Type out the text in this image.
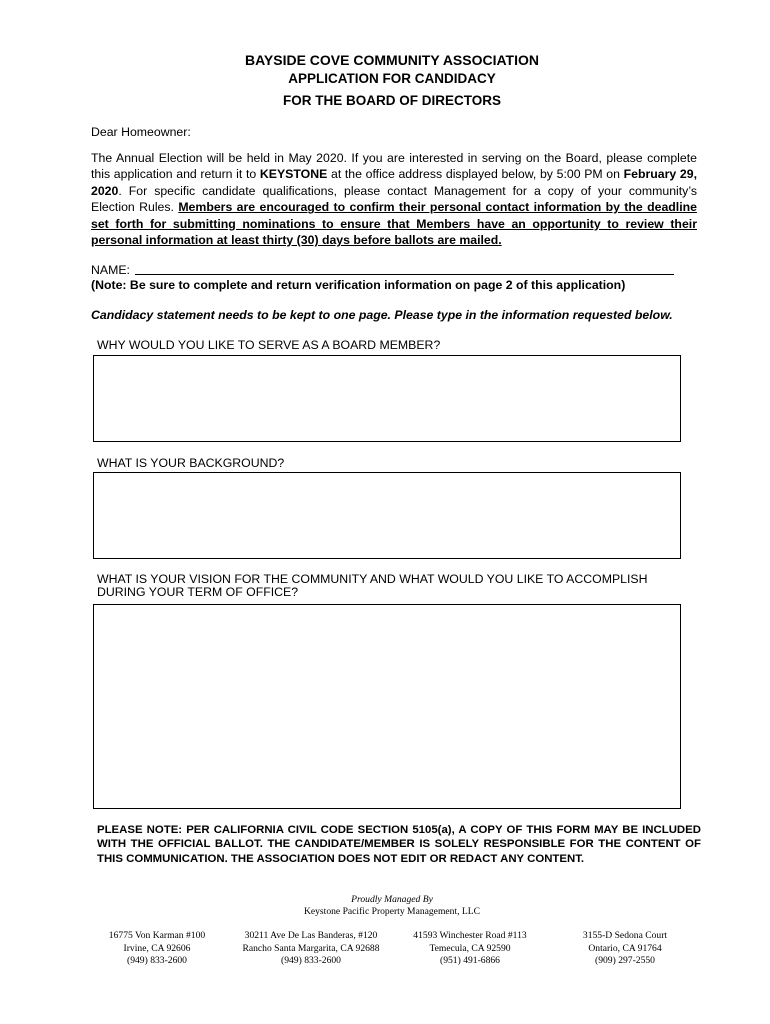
BAYSIDE COVE COMMUNITY ASSOCIATION
APPLICATION FOR CANDIDACY
FOR THE BOARD OF DIRECTORS
Dear Homeowner:
The Annual Election will be held in May 2020. If you are interested in serving on the Board, please complete this application and return it to KEYSTONE at the office address displayed below, by 5:00 PM on February 29, 2020. For specific candidate qualifications, please contact Management for a copy of your community’s Election Rules. Members are encouraged to confirm their personal contact information by the deadline set forth for submitting nominations to ensure that Members have an opportunity to review their personal information at least thirty (30) days before ballots are mailed.
NAME:
(Note: Be sure to complete and return verification information on page 2 of this application)
Candidacy statement needs to be kept to one page. Please type in the information requested below.
WHY WOULD YOU LIKE TO SERVE AS A BOARD MEMBER?
WHAT IS YOUR BACKGROUND?
WHAT IS YOUR VISION FOR THE COMMUNITY AND WHAT WOULD YOU LIKE TO ACCOMPLISH DURING YOUR TERM OF OFFICE?
PLEASE NOTE: PER CALIFORNIA CIVIL CODE SECTION 5105(a), A COPY OF THIS FORM MAY BE INCLUDED WITH THE OFFICIAL BALLOT. THE CANDIDATE/MEMBER IS SOLELY RESPONSIBLE FOR THE CONTENT OF THIS COMMUNICATION. THE ASSOCIATION DOES NOT EDIT OR REDACT ANY CONTENT.
Proudly Managed By
Keystone Pacific Property Management, LLC
16775 Von Karman #100
Irvine, CA 92606
(949) 833-2600
30211 Ave De Las Banderas, #120
Rancho Santa Margarita, CA 92688
(949) 833-2600
41593 Winchester Road #113
Temecula, CA 92590
(951) 491-6866
3155-D Sedona Court
Ontario, CA 91764
(909) 297-2550
